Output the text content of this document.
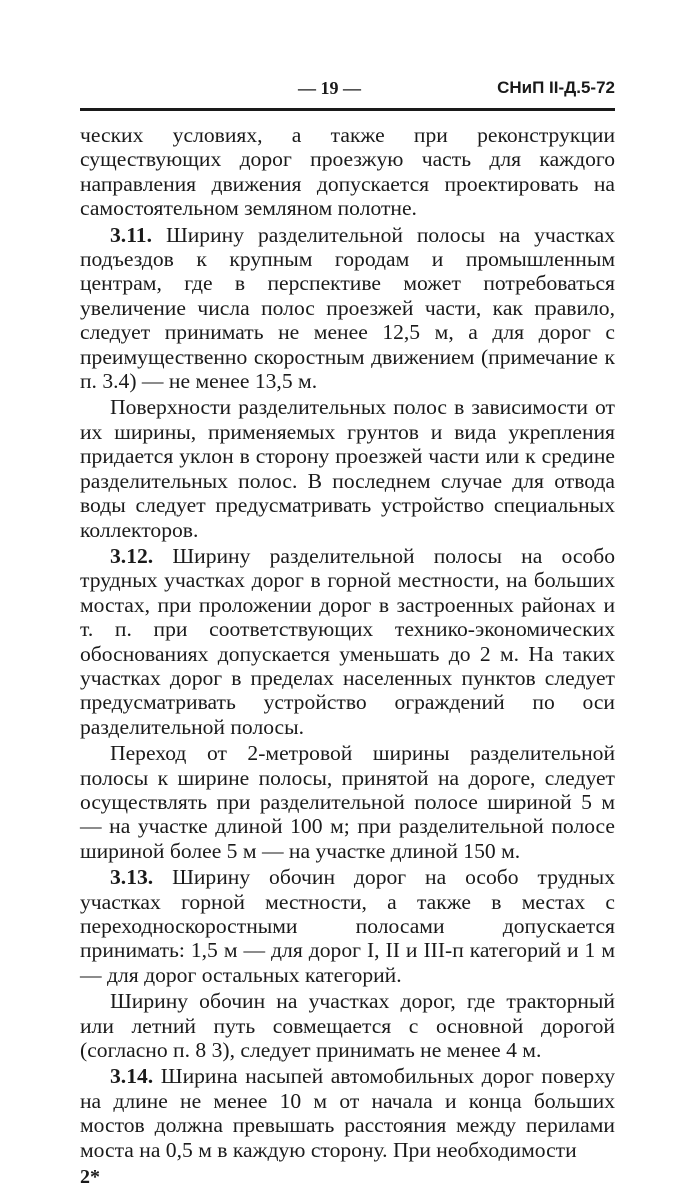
— 19 —	СНиП II-Д.5-72

ческих условиях, а также при реконструкции существующих дорог проезжую часть для каждого направления движения допускается проектировать на самостоятельном земляном полотне.

3.11. Ширину разделительной полосы на участках подъездов к крупным городам и промышленным центрам, где в перспективе может потребоваться увеличение числа полос проезжей части, как правило, следует принимать не менее 12,5 м, а для дорог с преимущественно скоростным движением (примечание к п. 3.4) — не менее 13,5 м.

Поверхности разделительных полос в зависимости от их ширины, применяемых грунтов и вида укрепления придается уклон в сторону проезжей части или к средине разделительных полос. В последнем случае для отвода воды следует предусматривать устройство специальных коллекторов.

3.12. Ширину разделительной полосы на особо трудных участках дорог в горной местности, на больших мостах, при проложении дорог в застроенных районах и т. п. при соответствующих технико-экономических обоснованиях допускается уменьшать до 2 м. На таких участках дорог в пределах населенных пунктов следует предусматривать устройство ограждений по оси разделительной полосы.

Переход от 2-метровой ширины разделительной полосы к ширине полосы, принятой на дороге, следует осуществлять при разделительной полосе шириной 5 м — на участке длиной 100 м; при разделительной полосе шириной более 5 м — на участке длиной 150 м.

3.13. Ширину обочин дорог на особо трудных участках горной местности, а также в местах с переходноскоростными полосами допускается принимать: 1,5 м — для дорог I, II и III-п категорий и 1 м — для дорог остальных категорий.

Ширину обочин на участках дорог, где тракторный или летний путь совмещается с основной дорогой (согласно п. 8 3), следует принимать не менее 4 м.

3.14. Ширина насыпей автомобильных дорог поверху на длине не менее 10 м от начала и конца больших мостов должна превышать расстояния между перилами моста на 0,5 м в каждую сторону. При необходимости

2*
